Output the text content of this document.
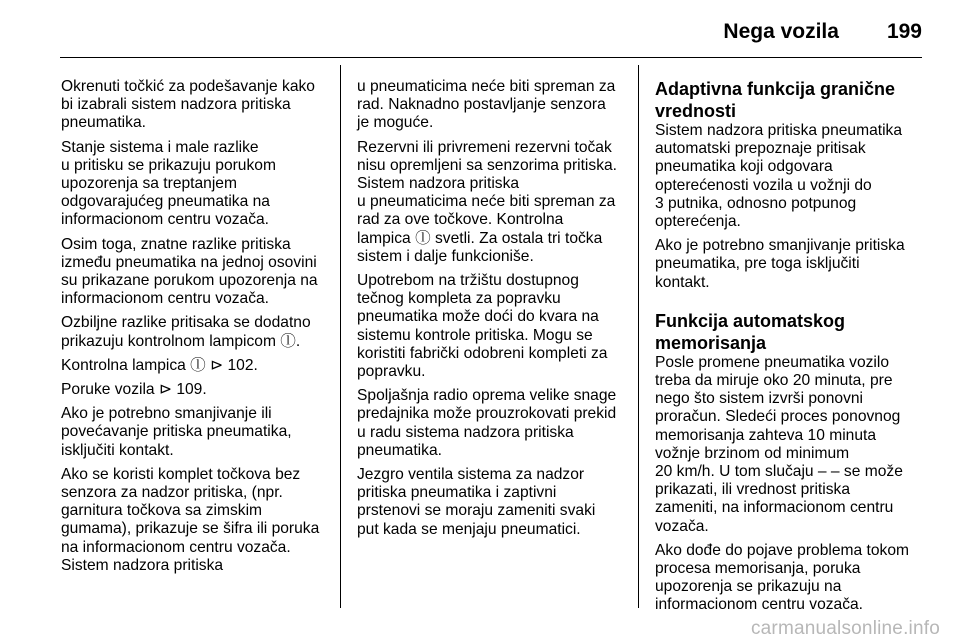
Nega vozila 199

Okrenuti točkić za podešavanje kako
bi izabrali sistem nadzora pritiska
pneumatika.

Stanje sistema i male razlike
u pritisku se prikazuju porukom
upozorenja sa treptanjem
odgovarajućeg pneumatika na
informacionom centru vozača.

Osim toga, znatne razlike pritiska
između pneumatika na jednoj osovini
su prikazane porukom upozorenja na
informacionom centru vozača.

Ozbiljne razlike pritisaka se dodatno
prikazuju kontrolnom lampicom ⓛ.

Kontrolna lampica ⓛ ⊳ 102.

Poruke vozila ⊳ 109.

Ako je potrebno smanjivanje ili
povećavanje pritiska pneumatika,
isključiti kontakt.

Ako se koristi komplet točkova bez
senzora za nadzor pritiska, (npr.
garnitura točkova sa zimskim
gumama), prikazuje se šifra ili poruka
na informacionom centru vozača.
Sistem nadzora pritiska

u pneumaticima neće biti spreman za
rad. Naknadno postavljanje senzora
je moguće.

Rezervni ili privremeni rezervni točak
nisu opremljeni sa senzorima pritiska.
Sistem nadzora pritiska
u pneumaticima neće biti spreman za
rad za ove točkove. Kontrolna
lampica ⓛ svetli. Za ostala tri točka
sistem i dalje funkcioniše.

Upotrebom na tržištu dostupnog
tečnog kompleta za popravku
pneumatika može doći do kvara na
sistemu kontrole pritiska. Mogu se
koristiti fabrički odobreni kompleti za
popravku.

Spoljašnja radio oprema velike snage
predajnika može prouzrokovati prekid
u radu sistema nadzora pritiska
pneumatika.

Jezgro ventila sistema za nadzor
pritiska pneumatika i zaptivni
prstenovi se moraju zameniti svaki
put kada se menjaju pneumatici.

Adaptivna funkcija granične
vrednosti

Sistem nadzora pritiska pneumatika
automatski prepoznaje pritisak
pneumatika koji odgovara
opterećenosti vozila u vožnji do
3 putnika, odnosno potpunog
opterećenja.

Ako je potrebno smanjivanje pritiska
pneumatika, pre toga isključiti
kontakt.

Funkcija automatskog
memorisanja

Posle promene pneumatika vozilo
treba da miruje oko 20 minuta, pre
nego što sistem izvrši ponovni
proračun. Sledeći proces ponovnog
memorisanja zahteva 10 minuta
vožnje brzinom od minimum
20 km/h. U tom slučaju ‒ ‒ se može
prikazati, ili vrednost pritiska
zameniti, na informacionom centru
vozača.

Ako dođe do pojave problema tokom
procesa memorisanja, poruka
upozorenja se prikazuju na
informacionom centru vozača.

carmanualsonline.info
